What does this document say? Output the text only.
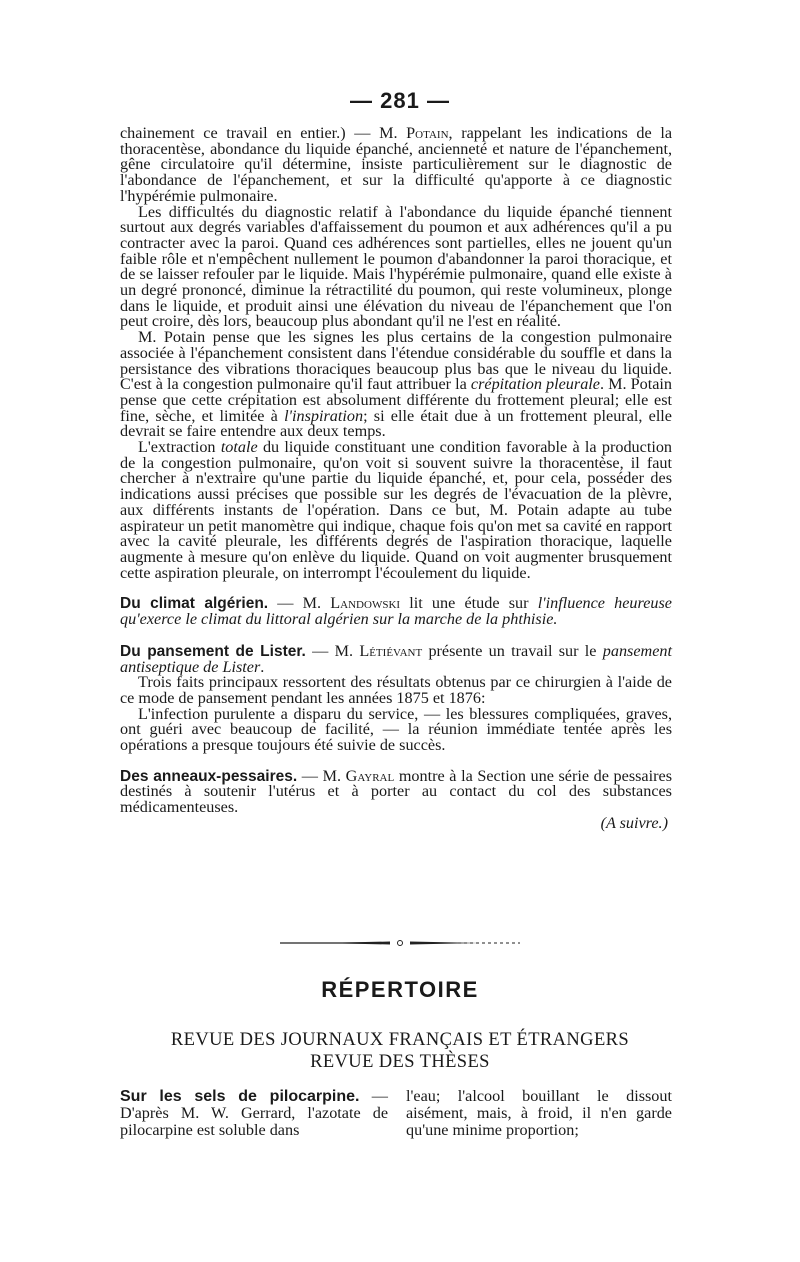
— 281 —

chainement ce travail en entier.) — M. Potain, rappelant les indications de la thoracentèse, abondance du liquide épanché, ancienneté et nature de l'épanchement, gêne circulatoire qu'il détermine, insiste particulièrement sur le diagnostic de l'abondance de l'épanchement, et sur la difficulté qu'apporte à ce diagnostic l'hypérémie pulmonaire.

Les difficultés du diagnostic relatif à l'abondance du liquide épanché tiennent surtout aux degrés variables d'affaissement du poumon et aux adhérences qu'il a pu contracter avec la paroi. Quand ces adhérences sont partielles, elles ne jouent qu'un faible rôle et n'empêchent nullement le poumon d'abandonner la paroi thoracique, et de se laisser refouler par le liquide. Mais l'hypérémie pulmonaire, quand elle existe à un degré prononcé, diminue la rétractilité du poumon, qui reste volumineux, plonge dans le liquide, et produit ainsi une élévation du niveau de l'épanchement que l'on peut croire, dès lors, beaucoup plus abondant qu'il ne l'est en réalité.

M. Potain pense que les signes les plus certains de la congestion pulmonaire associée à l'épanchement consistent dans l'étendue considérable du souffle et dans la persistance des vibrations thoraciques beaucoup plus bas que le niveau du liquide. C'est à la congestion pulmonaire qu'il faut attribuer la crépitation pleurale. M. Potain pense que cette crépitation est absolument différente du frottement pleural; elle est fine, sèche, et limitée à l'inspiration; si elle était due à un frottement pleural, elle devrait se faire entendre aux deux temps.

L'extraction totale du liquide constituant une condition favorable à la production de la congestion pulmonaire, qu'on voit si souvent suivre la thoracentèse, il faut chercher à n'extraire qu'une partie du liquide épanché, et, pour cela, posséder des indications aussi précises que possible sur les degrés de l'évacuation de la plèvre, aux différents instants de l'opération. Dans ce but, M. Potain adapte au tube aspirateur un petit manomètre qui indique, chaque fois qu'on met sa cavité en rapport avec la cavité pleurale, les différents degrés de l'aspiration thoracique, laquelle augmente à mesure qu'on enlève du liquide. Quand on voit augmenter brusquement cette aspiration pleurale, on interrompt l'écoulement du liquide.

Du climat algérien. — M. Landowski lit une étude sur l'influence heureuse qu'exerce le climat du littoral algérien sur la marche de la phthisie.

Du pansement de Lister. — M. Létiévant présente un travail sur le pansement antiseptique de Lister.

Trois faits principaux ressortent des résultats obtenus par ce chirurgien à l'aide de ce mode de pansement pendant les années 1875 et 1876:

L'infection purulente a disparu du service, — les blessures compliquées, graves, ont guéri avec beaucoup de facilité, — la réunion immédiate tentée après les opérations a presque toujours été suivie de succès.

Des anneaux-pessaires. — M. Gayral montre à la Section une série de pessaires destinés à soutenir l'utérus et à porter au contact du col des substances médicamenteuses.

(A suivre.)

RÉPERTOIRE
REVUE DES JOURNAUX FRANÇAIS ET ÉTRANGERS
REVUE DES THÈSES
Sur les sels de pilocarpine. — D'après M. W. Gerrard, l'azotate de pilocarpine est soluble dans
l'eau; l'alcool bouillant le dissout aisément, mais, à froid, il n'en garde qu'une minime proportion;
